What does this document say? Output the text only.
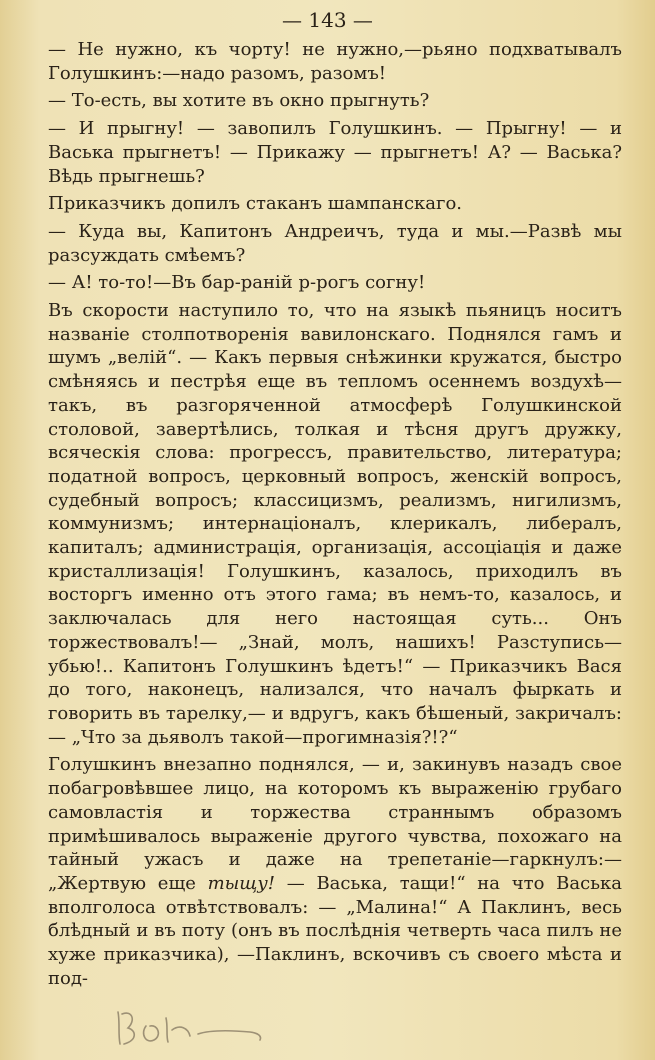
— 143 —

— Не нужно, къ чорту! не нужно,—рьяно подхватывалъ Голушкинъ:—надо разомъ, разомъ!

— То-есть, вы хотите въ окно прыгнуть?

— И прыгну! — завопилъ Голушкинъ. — Прыгну! — и Васька прыгнетъ! — Прикажу — прыгнетъ! А? — Васька? Вѣдь прыгнешь?

Приказчикъ допилъ стаканъ шампанскаго.

— Куда вы, Капитонъ Андреичъ, туда и мы.—Развѣ мы разсуждать смѣемъ?

— А! то-то!—Въ бар-раній р-рогъ согну!

Въ скорости наступило то, что на языкѣ пьяницъ носитъ названіе столпотворенія вавилонскаго. Поднялся гамъ и шумъ „велій“. — Какъ первыя снѣжинки кружатся, быстро смѣняясь и пестрѣя еще въ тепломъ осеннемъ воздухѣ—такъ, въ разгоряченной атмосферѣ Голушкинской столовой, завертѣлись, толкая и тѣсня другъ дружку, всяческія слова: прогрессъ, правительство, литература; податной вопросъ, церковный вопросъ, женскій вопросъ, судебный вопросъ; классицизмъ, реализмъ, нигилизмъ, коммунизмъ; интернаціоналъ, клерикалъ, либералъ, капиталъ; администрація, организація, ассоціація и даже кристаллизація! Голушкинъ, казалось, приходилъ въ восторгъ именно отъ этого гама; въ немъ-то, казалось, и заключалась для него настоящая суть... Онъ торжествовалъ!— „Знай, молъ, нашихъ! Разступись—убью!.. Капитонъ Голушкинъ ѣдетъ!“ — Приказчикъ Вася до того, наконецъ, нализался, что началъ фыркать и говорить въ тарелку,— и вдругъ, какъ бѣшеный, закричалъ: — „Что за дьяволъ такой—прогимназія?!?“

Голушкинъ внезапно поднялся, — и, закинувъ назадъ свое побагровѣвшее лицо, на которомъ къ выраженію грубаго самовластія и торжества страннымъ образомъ примѣшивалось выраженіе другого чувства, похожаго на тайный ужасъ и даже на трепетаніе—гаркнулъ:— „Жертвую еще тыщу! — Васька, тащи!“ на что Васька вполголоса отвѣтствовалъ: — „Малина!“ А Паклинъ, весь блѣдный и въ поту (онъ въ послѣднія четверть часа пилъ не хуже приказчика), —Паклинъ, вскочивъ съ своего мѣста и под-
